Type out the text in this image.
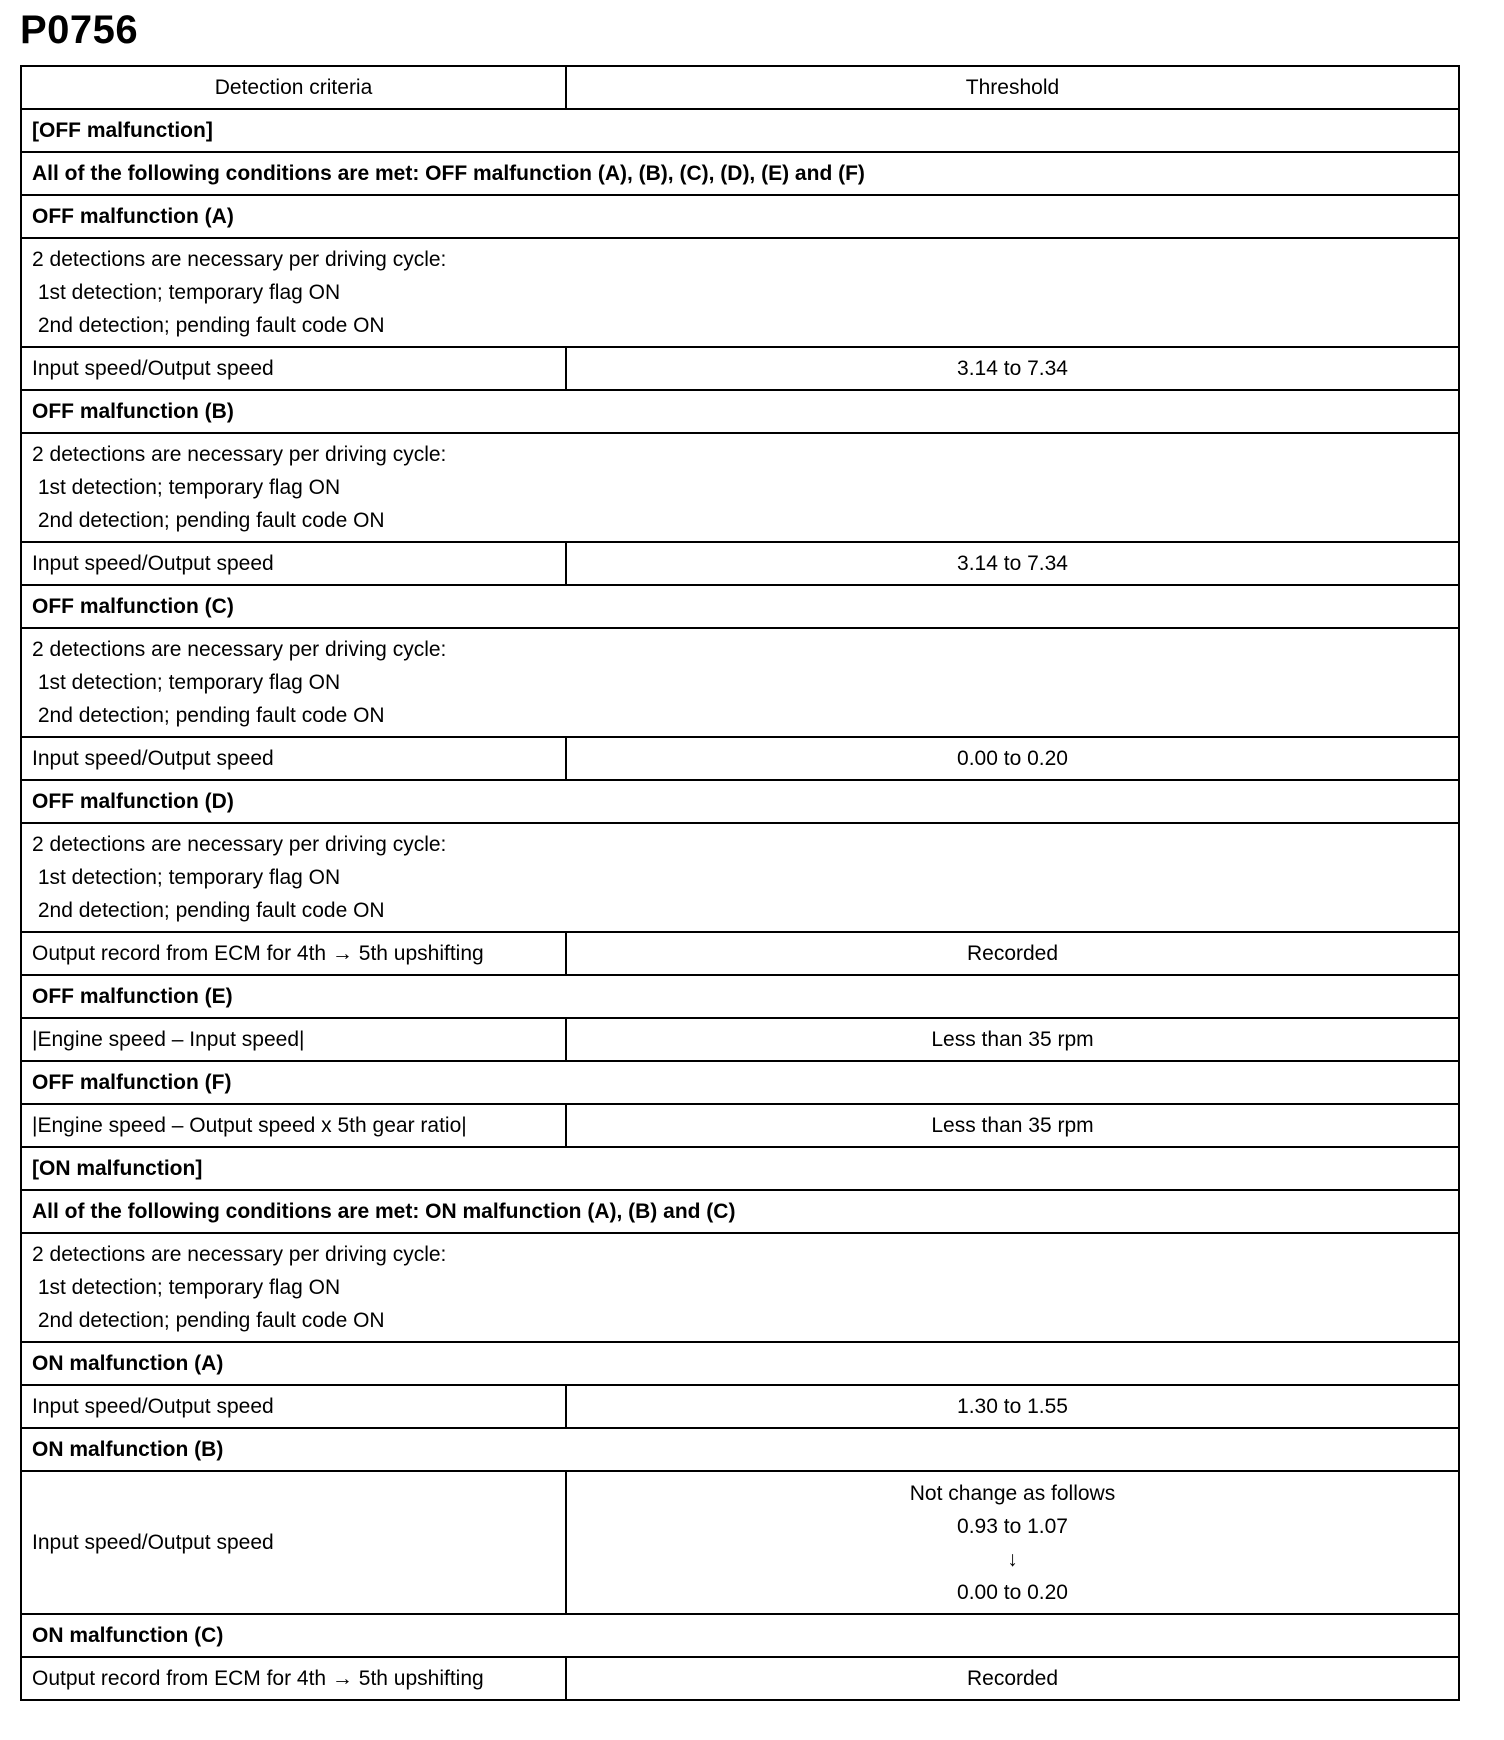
P0756
Detection criteria	Threshold
[OFF malfunction]	
All of the following conditions are met: OFF malfunction (A), (B), (C), (D), (E) and (F)	
OFF malfunction (A)	

2 detections are necessary per driving cycle:
1st detection; temporary flag ON
2nd detection; pending fault code ON	

Input speed/Output speed	3.14 to 7.34

OFF malfunction (B)	

2 detections are necessary per driving cycle:
1st detection; temporary flag ON
2nd detection; pending fault code ON	

Input speed/Output speed	3.14 to 7.34

OFF malfunction (C)	

2 detections are necessary per driving cycle:
1st detection; temporary flag ON
2nd detection; pending fault code ON	

Input speed/Output speed	0.00 to 0.20

OFF malfunction (D)	

2 detections are necessary per driving cycle:
1st detection; temporary flag ON
2nd detection; pending fault code ON	

Output record from ECM for 4th → 5th upshifting	Recorded

OFF malfunction (E)	
|Engine speed – Input speed|	Less than 35 rpm

OFF malfunction (F)	
|Engine speed – Output speed x 5th gear ratio|	Less than 35 rpm

[ON malfunction]	
All of the following conditions are met: ON malfunction (A), (B) and (C)	

2 detections are necessary per driving cycle:
1st detection; temporary flag ON
2nd detection; pending fault code ON	

ON malfunction (A)	
Input speed/Output speed	1.30 to 1.55

ON malfunction (B)	
Input speed/Output speed	Not change as follows
0.93 to 1.07
↓
0.00 to 0.20

ON malfunction (C)	
Output record from ECM for 4th → 5th upshifting	Recorded
